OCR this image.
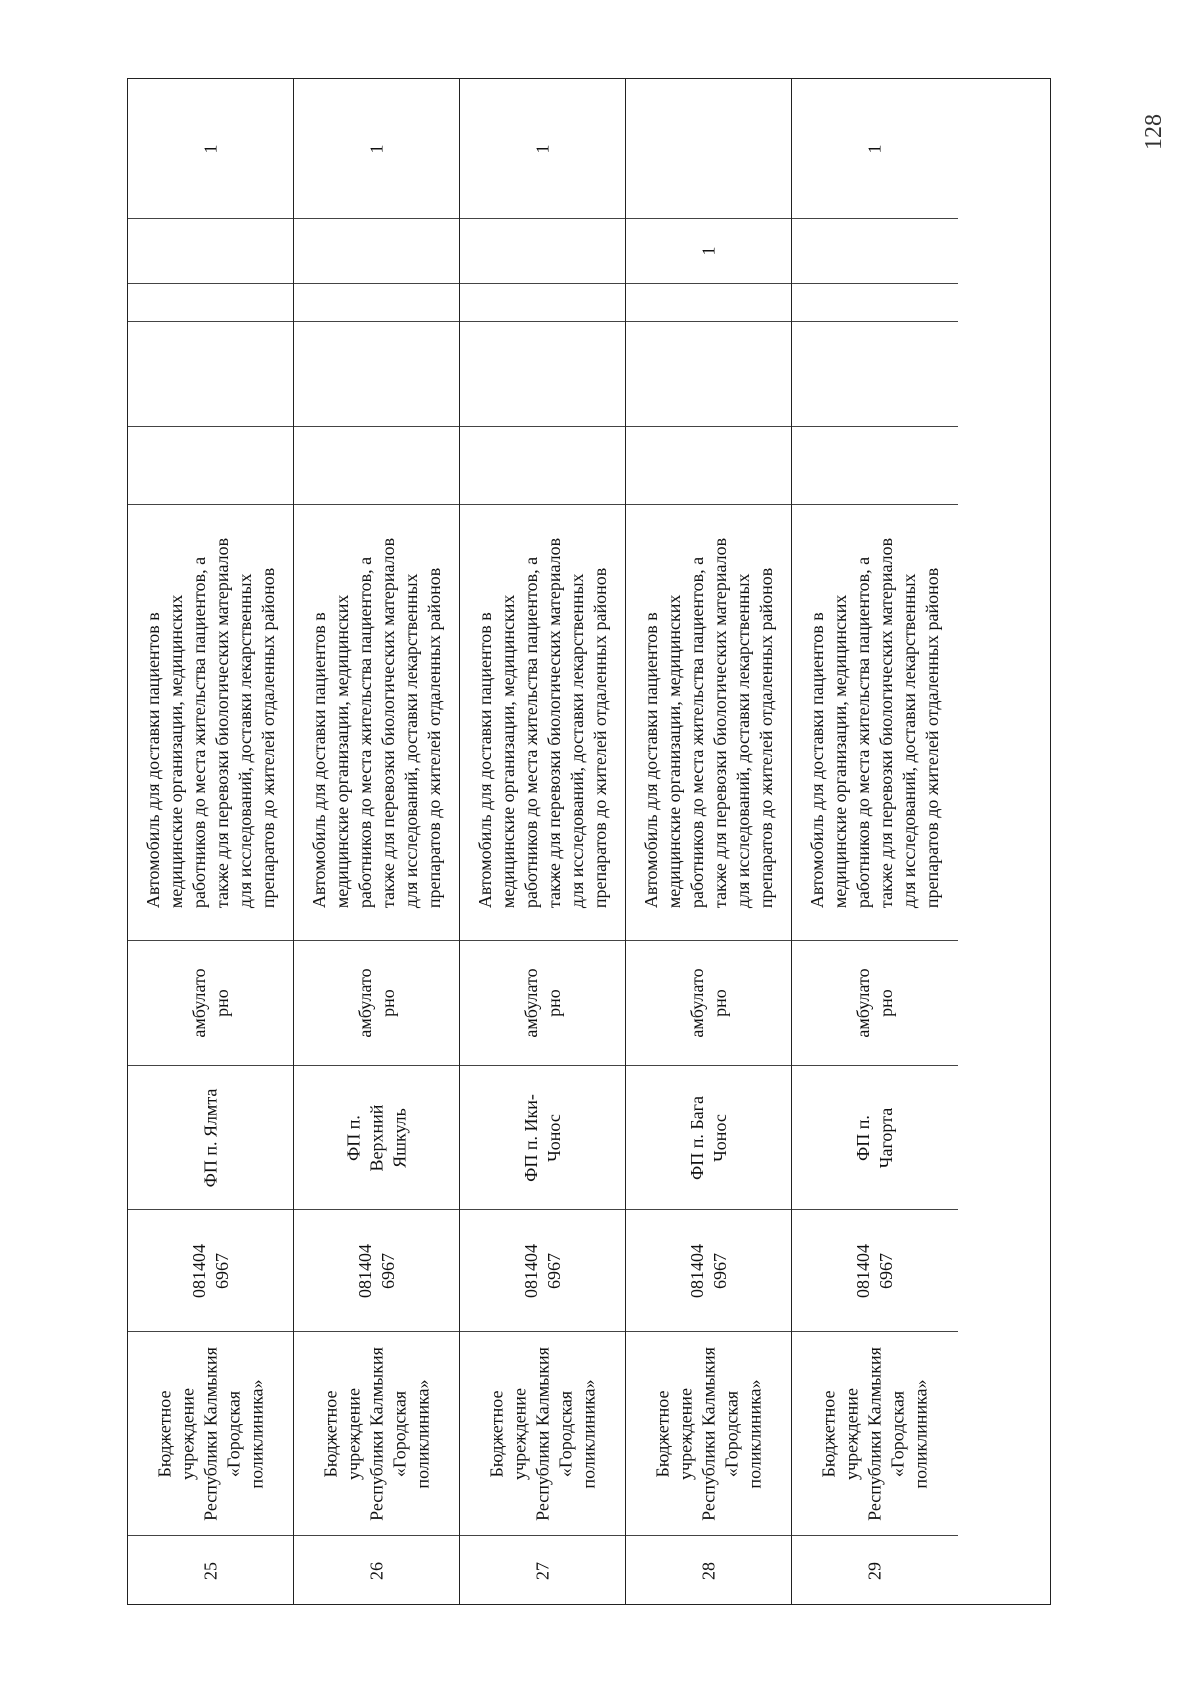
128
1
Автомобиль для доставки пациентов в медицинские организации, медицинских работников до места жительства пациентов, а также для перевозки биологических материалов для исследований, доставки лекарственных препаратов до жителей отдаленных районов
амбулато рно
ФП п. Ялмта
081404 6967
Бюджетное учреждение Республики Калмыкия «Городская поликлиника»
25
1
Автомобиль для доставки пациентов в медицинские организации, медицинских работников до места жительства пациентов, а также для перевозки биологических материалов для исследований, доставки лекарственных препаратов до жителей отдаленных районов
амбулато рно
ФП п. Верхний Яшкуль
081404 6967
Бюджетное учреждение Республики Калмыкия «Городская поликлиника»
26
1
Автомобиль для доставки пациентов в медицинские организации, медицинских работников до места жительства пациентов, а также для перевозки биологических материалов для исследований, доставки лекарственных препаратов до жителей отдаленных районов
амбулато рно
ФП п. Ики- Чонос
081404 6967
Бюджетное учреждение Республики Калмыкия «Городская поликлиника»
27
1
Автомобиль для доставки пациентов в медицинские организации, медицинских работников до места жительства пациентов, а также для перевозки биологических материалов для исследований, доставки лекарственных препаратов до жителей отдаленных районов
амбулато рно
ФП п. Бага Чонос
081404 6967
Бюджетное учреждение Республики Калмыкия «Городская поликлиника»
28
1
Автомобиль для доставки пациентов в медицинские организации, медицинских работников до места жительства пациентов, а также для перевозки биологических материалов для исследований, доставки лекарственных препаратов до жителей отдаленных районов
амбулато рно
ФП п. Чагорта
081404 6967
Бюджетное учреждение Республики Калмыкия «Городская поликлиника»
29
